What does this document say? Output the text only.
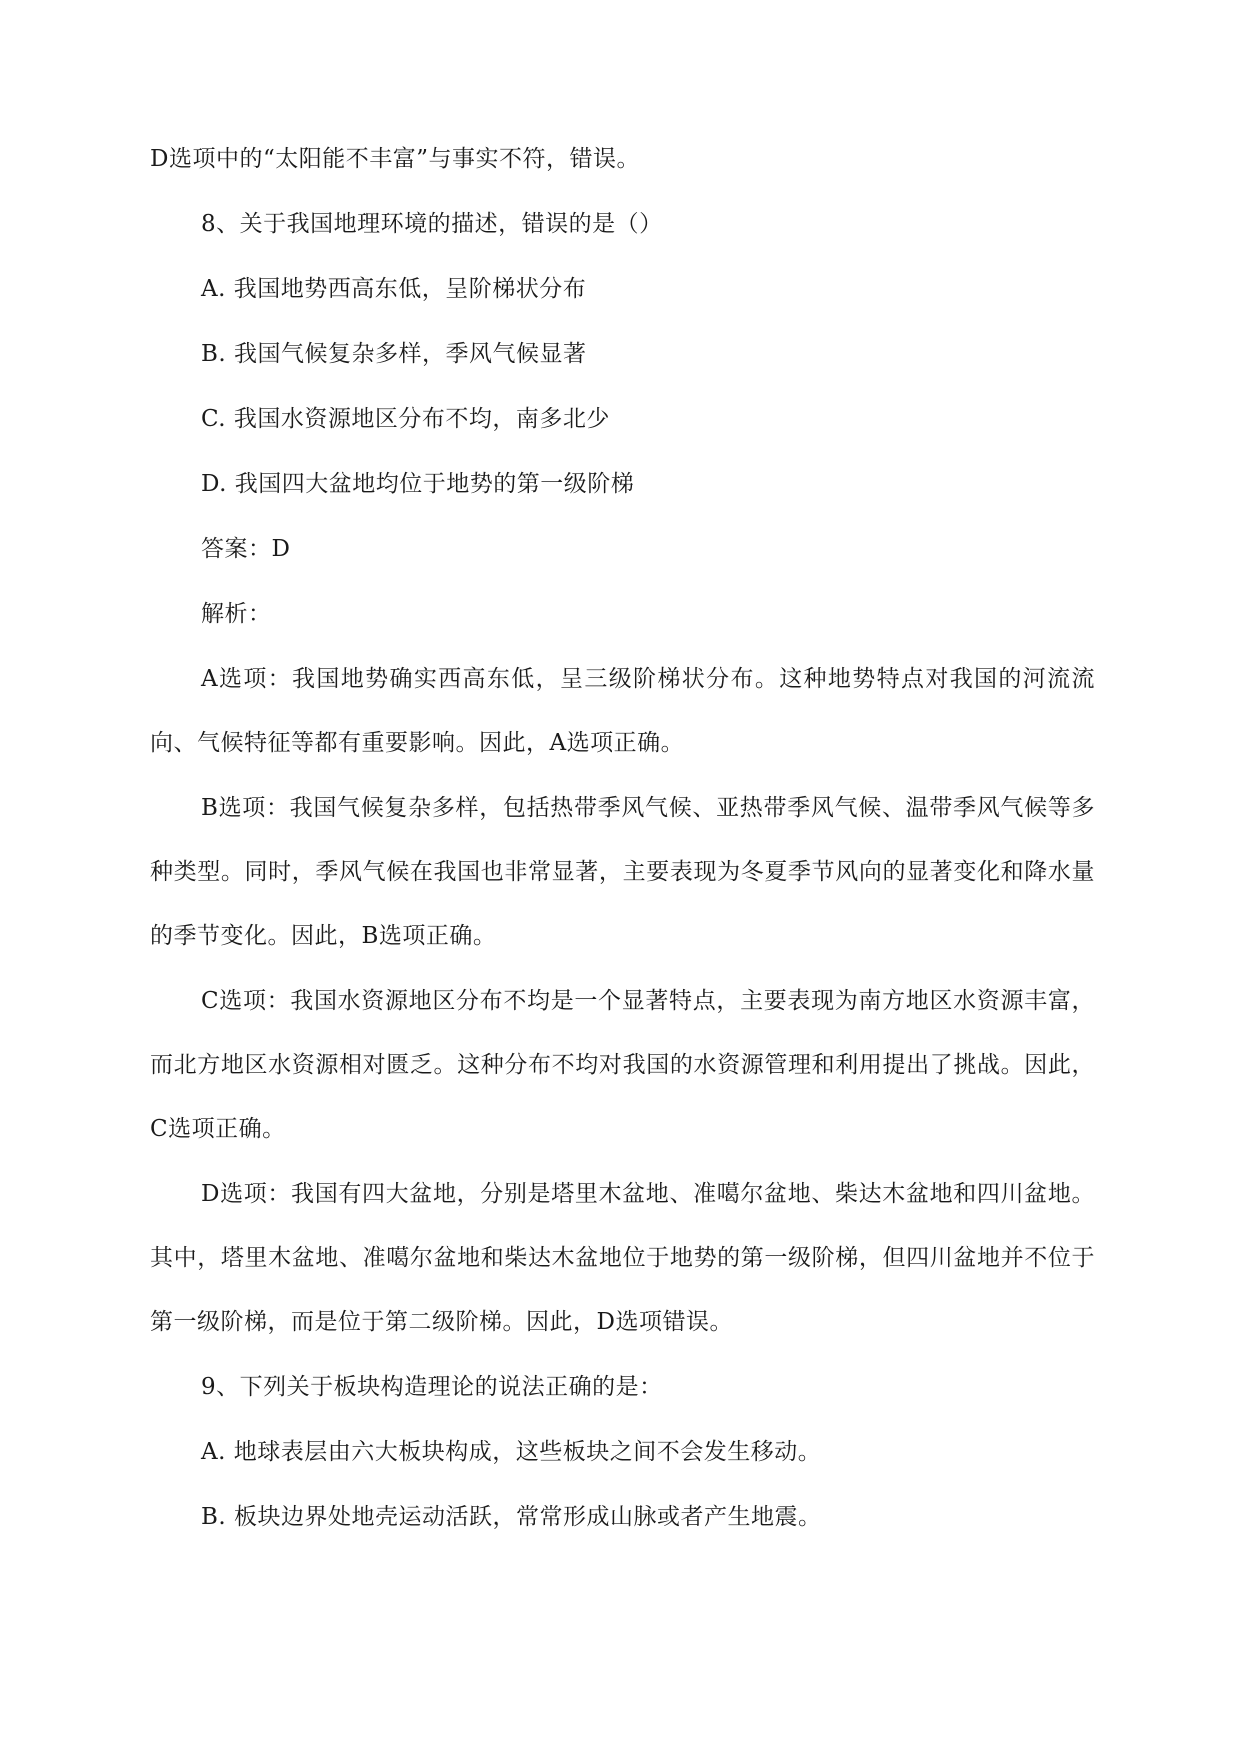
D选项中的“太阳能不丰富”与事实不符，错误。

8、关于我国地理环境的描述，错误的是（）

A. 我国地势西高东低，呈阶梯状分布

B. 我国气候复杂多样，季风气候显著

C. 我国水资源地区分布不均，南多北少

D. 我国四大盆地均位于地势的第一级阶梯

答案：D

解析：

A选项：我国地势确实西高东低，呈三级阶梯状分布。这种地势特点对我国的河流流向、气候特征等都有重要影响。因此，A选项正确。

B选项：我国气候复杂多样，包括热带季风气候、亚热带季风气候、温带季风气候等多种类型。同时，季风气候在我国也非常显著，主要表现为冬夏季节风向的显著变化和降水量的季节变化。因此，B选项正确。

C选项：我国水资源地区分布不均是一个显著特点，主要表现为南方地区水资源丰富，而北方地区水资源相对匮乏。这种分布不均对我国的水资源管理和利用提出了挑战。因此，C选项正确。

D选项：我国有四大盆地，分别是塔里木盆地、准噶尔盆地、柴达木盆地和四川盆地。其中，塔里木盆地、准噶尔盆地和柴达木盆地位于地势的第一级阶梯，但四川盆地并不位于第一级阶梯，而是位于第二级阶梯。因此，D选项错误。

9、下列关于板块构造理论的说法正确的是：

A. 地球表层由六大板块构成，这些板块之间不会发生移动。

B. 板块边界处地壳运动活跃，常常形成山脉或者产生地震。
